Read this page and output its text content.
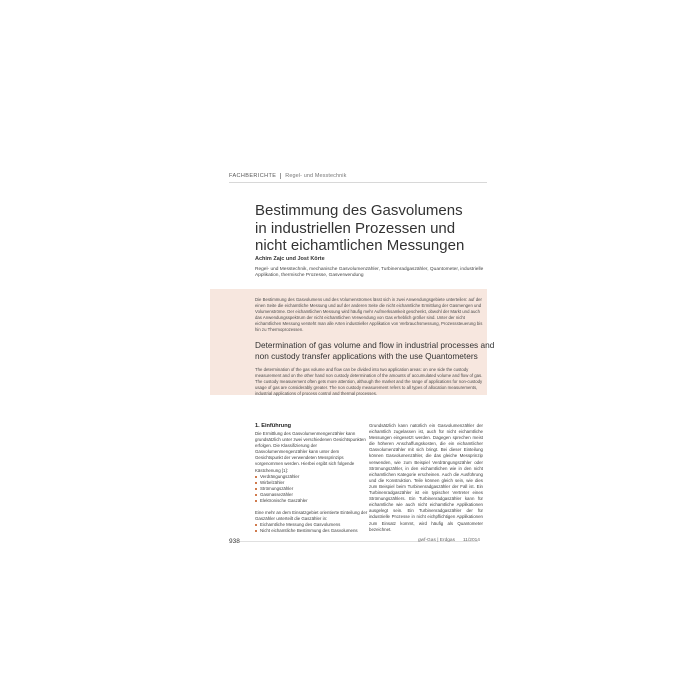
FACHBERICHTE Regel- und Messtechnik
Bestimmung des Gasvolumens
in industriellen Prozessen und
nicht eichamtlichen Messungen
Achim Zajc und Jost Körte
Regel- und Messtechnik, mechanische Gasvolumenzähler, Turbinenradgaszähler, Quantometer, industrielle Applikation, thermische Prozesse, Gasverwendung
Die Bestimmung des Gasvolumens und des Volumenstromes lässt sich in zwei Anwendungsgebiete unterteilen: auf der einen Seite die eichamtliche Messung und auf der anderen Seite die nicht eichamtliche Ermittlung der Gasmengen und Volumenströme. Der eichamtlichen Messung wird häufig mehr Aufmerksamkeit geschenkt, obwohl der Markt und auch das Anwendungsspektrum der nicht eichamtlichen Verwendung von Gas erheblich größer sind. Unter der nicht eichamtlichen Messung versteht man alle Arten industrieller Applikation von Verbrauchsmessung, Prozesssteuerung bis hin zu Thermoprozessen.
Determination of gas volume and flow in industrial processes and
non custody transfer applications with the use Quantometers
The determination of the gas volume and flow can be divided into two application areas: on one side the custody measurement and on the other hand non custody determination of the amounts of accumulated volume and flow of gas. The custody measurement often gets more attention, although the market and the range of applications for non-custody usage of gas are considerably greater. The non custody measurement refers to all types of allocation measurements, industrial applications of process control and thermal processes.
1. Einführung

Die Ermittlung des Gasvolumenmengenzähler kann grundsätzlich unter zwei verschiedenen Gesichtspunkten erfolgen. Die Klassifizierung der Gasvolumenmengenzähler kann unter dem Gesichtspunkt der verwendeten Messprinzips vorgenommen werden. Hierbei ergibt sich folgende Kästchenung [1]:

Verdrängungszähler
Wirbelzähler
Strömungszähler
Gasmassezähler
Elektronische Gaszähler

Eine mehr an dem Einsatzgebiet orientierte Einteilung der Gaszähler unterteilt die Gaszähler in:

Eichamtliche Messung des Gasvolumens
Nicht eichamtliche Bestimmung des Gasvolumens

Grundsätzlich kann natürlich ein Gasvolumenzähler der eichamtlich zugelassen ist, auch für nicht eichamtliche Messungen eingesetzt werden. Dagegen sprechen meist die höheren Anschaffungskosten, die ein eichamtlicher Gasvolumenzähler mit sich bringt. Bei dieser Einteilung können Gasvolumenzähler, die das gleiche Messprinzip verwenden, wie zum Beispiel Verdrängungszähler oder Strömungszähler, in den eichamtlichen wie in den nicht eichamtlichen Kategorie erscheinen. Auch die Ausführung und die Konstruktion. Teile können gleich sein, wie dies zum Beispiel beim Turbinenradgaszähler der Fall ist. Ein Turbinenradgaszähler ist ein typischer Vertreter eines Strömungszählers. Ein Turbinenradgaszähler kann für eichamtliche wie auch nicht eichamtliche Applikationen ausgelegt sein. Ein Turbinenradgaszähler der für industrielle Prozesse in nicht eichpflichtigen Applikationen zum Einsatz kommt, wird häufig als Quantometer bezeichnet.

938	gwf-Gas | Erdgas 11/2014
